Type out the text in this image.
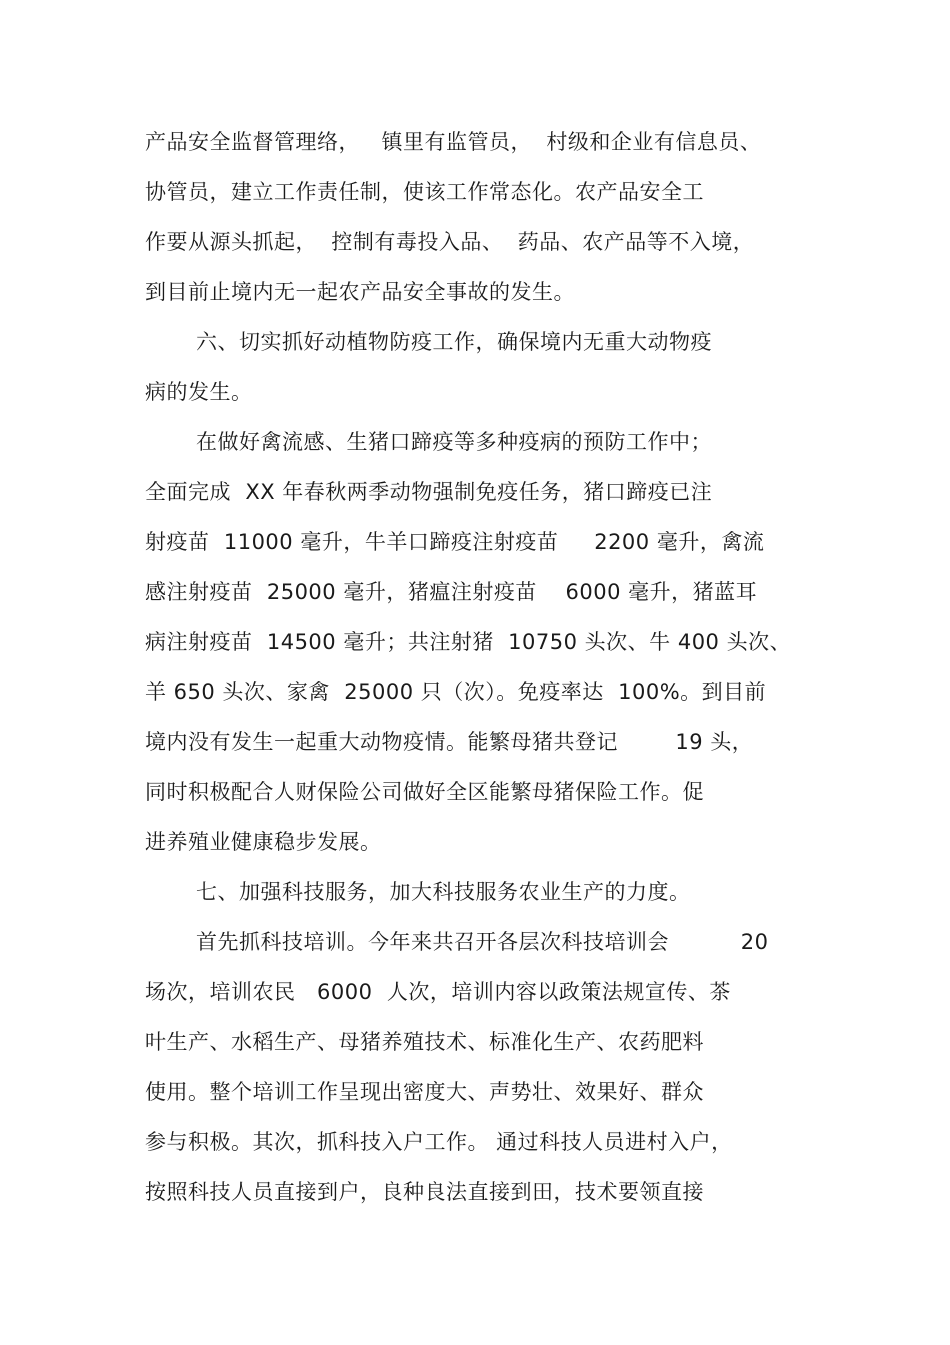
产品安全监督管理络，   镇里有监管员，  村级和企业有信息员、
协管员，建立工作责任制，使该工作常态化。农产品安全工
作要从源头抓起，  控制有毒投入品、  药品、农产品等不入境，
到目前止境内无一起农产品安全事故的发生。
六、切实抓好动植物防疫工作，确保境内无重大动物疫
病的发生。
在做好禽流感、生猪口蹄疫等多种疫病的预防工作中；
全面完成  XX 年春秋两季动物强制免疫任务，猪口蹄疫已注
射疫苗  11000 毫升，牛羊口蹄疫注射疫苗     2200 毫升，禽流
感注射疫苗  25000 毫升，猪瘟注射疫苗    6000 毫升，猪蓝耳
病注射疫苗  14500 毫升；共注射猪  10750 头次、牛 400 头次、
羊 650 头次、家禽  25000 只（次）。免疫率达  100%。到目前
境内没有发生一起重大动物疫情。能繁母猪共登记        19 头，
同时积极配合人财保险公司做好全区能繁母猪保险工作。促
进养殖业健康稳步发展。
七、加强科技服务，加大科技服务农业生产的力度。
首先抓科技培训。今年来共召开各层次科技培训会          20
场次，培训农民   6000  人次，培训内容以政策法规宣传、茶
叶生产、水稻生产、母猪养殖技术、标准化生产、农药肥料
使用。整个培训工作呈现出密度大、声势壮、效果好、群众
参与积极。其次，抓科技入户工作。 通过科技人员进村入户，
按照科技人员直接到户，良种良法直接到田，技术要领直接
